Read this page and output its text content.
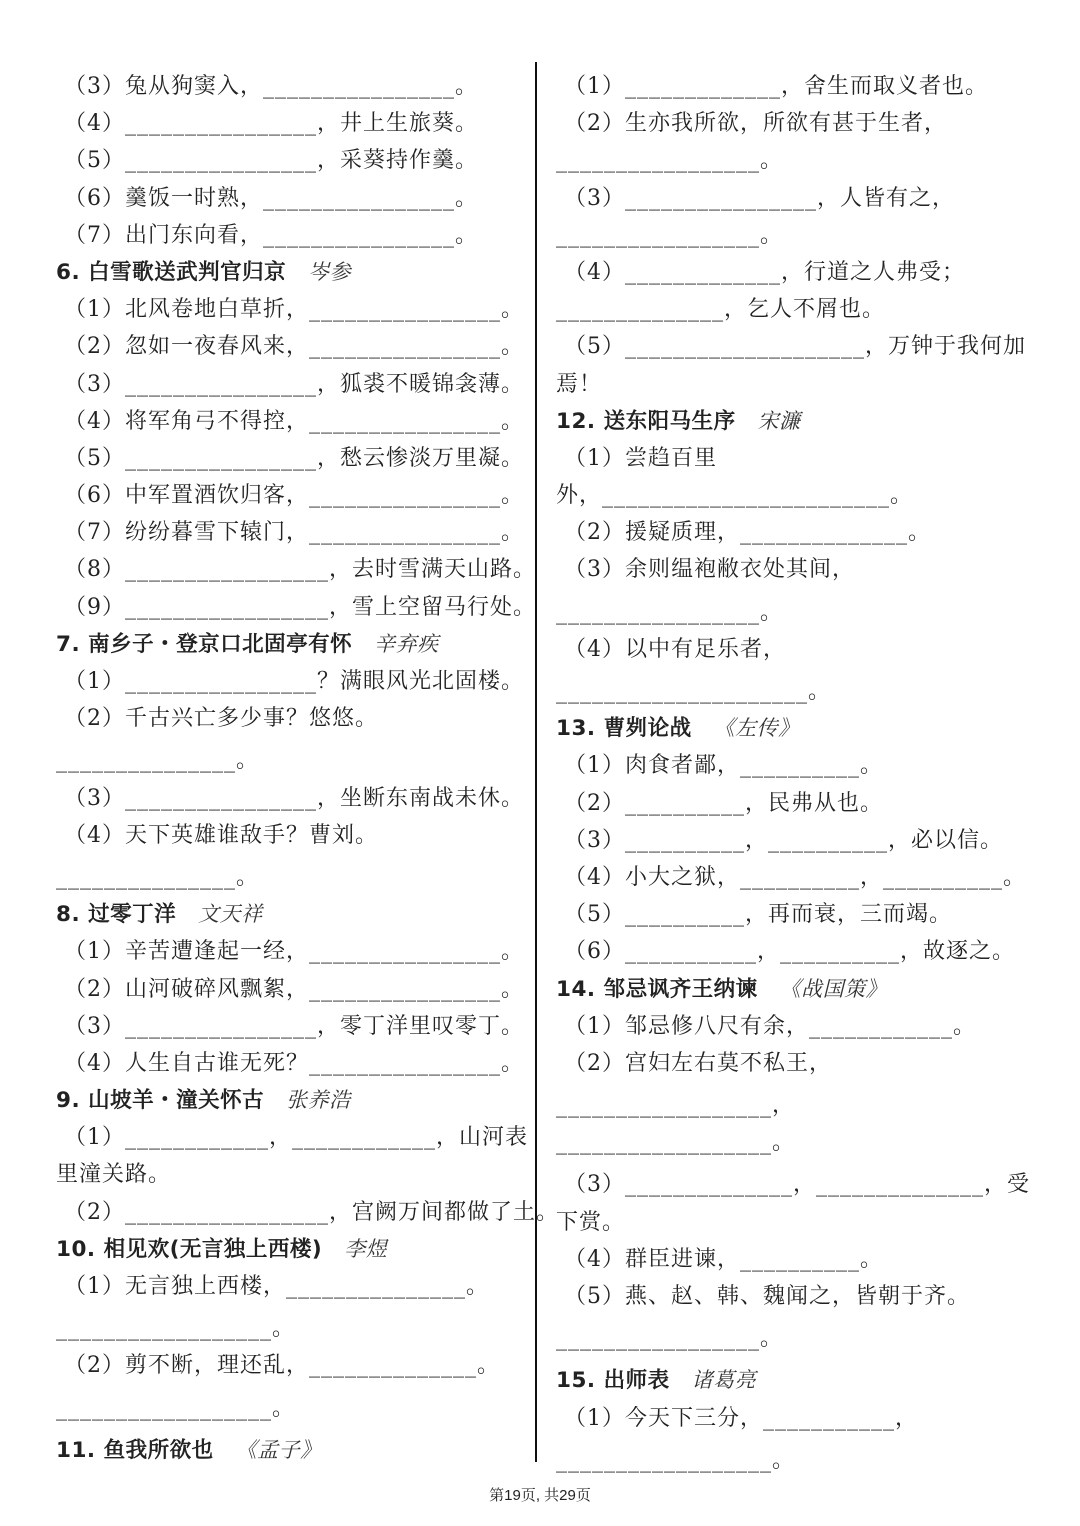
（3）兔从狗窦入，________________。
（4）________________，井上生旅葵。
（5）________________，采葵持作羹。
（6）羹饭一时熟，________________。
（7）出门东向看，________________。
6. 白雪歌送武判官归京 岑参
（1）北风卷地白草折，________________。
（2）忽如一夜春风来，________________。
（3）________________，狐裘不暖锦衾薄。
（4）将军角弓不得控，________________。
（5）________________，愁云惨淡万里凝。
（6）中军置酒饮归客，________________。
（7）纷纷暮雪下辕门，________________。
（8）_________________，去时雪满天山路。
（9）_________________，雪上空留马行处。
7. 南乡子・登京口北固亭有怀 辛弃疾
（1）________________？满眼风光北固楼。
（2）千古兴亡多少事？悠悠。
_______________。
（3）________________，坐断东南战未休。
（4）天下英雄谁敌手？曹刘。
_______________。
8. 过零丁洋 文天祥
（1）辛苦遭逢起一经，________________。
（2）山河破碎风飘絮，________________。
（3）________________，零丁洋里叹零丁。
（4）人生自古谁无死？________________。
9. 山坡羊・潼关怀古 张养浩
（1）____________，____________，山河表
里潼关路。
（2）_________________，宫阙万间都做了土。
10. 相见欢(无言独上西楼) 李煜
（1）无言独上西楼，_______________。
__________________。
（2）剪不断，理还乱，______________。
__________________。
11. 鱼我所欲也 《孟子》
（1）_____________，舍生而取义者也。
（2）生亦我所欲，所欲有甚于生者，
_________________。
（3）________________，人皆有之，
_________________。
（4）_____________，行道之人弗受；
______________，乞人不屑也。
（5）____________________，万钟于我何加
焉！
12. 送东阳马生序 宋濂
（1）尝趋百里
外，________________________。
（2）援疑质理，______________。
（3）余则缊袍敝衣处其间，
_________________。
（4）以中有足乐者，
_____________________。
13. 曹刿论战 《左传》
（1）肉食者鄙，__________。
（2）__________，民弗从也。
（3）__________，__________，必以信。
（4）小大之狱，__________，__________。
（5）__________，再而衰，三而竭。
（6）___________，__________，故逐之。
14. 邹忌讽齐王纳谏 《战国策》
（1）邹忌修八尺有余，____________。
（2）宫妇左右莫不私王，
__________________，
__________________。
（3）______________，______________，受
下赏。
（4）群臣进谏，__________。
（5）燕、赵、韩、魏闻之，皆朝于齐。
_________________。
15. 出师表 诸葛亮
（1）今天下三分，___________，
__________________。
第19页, 共29页
